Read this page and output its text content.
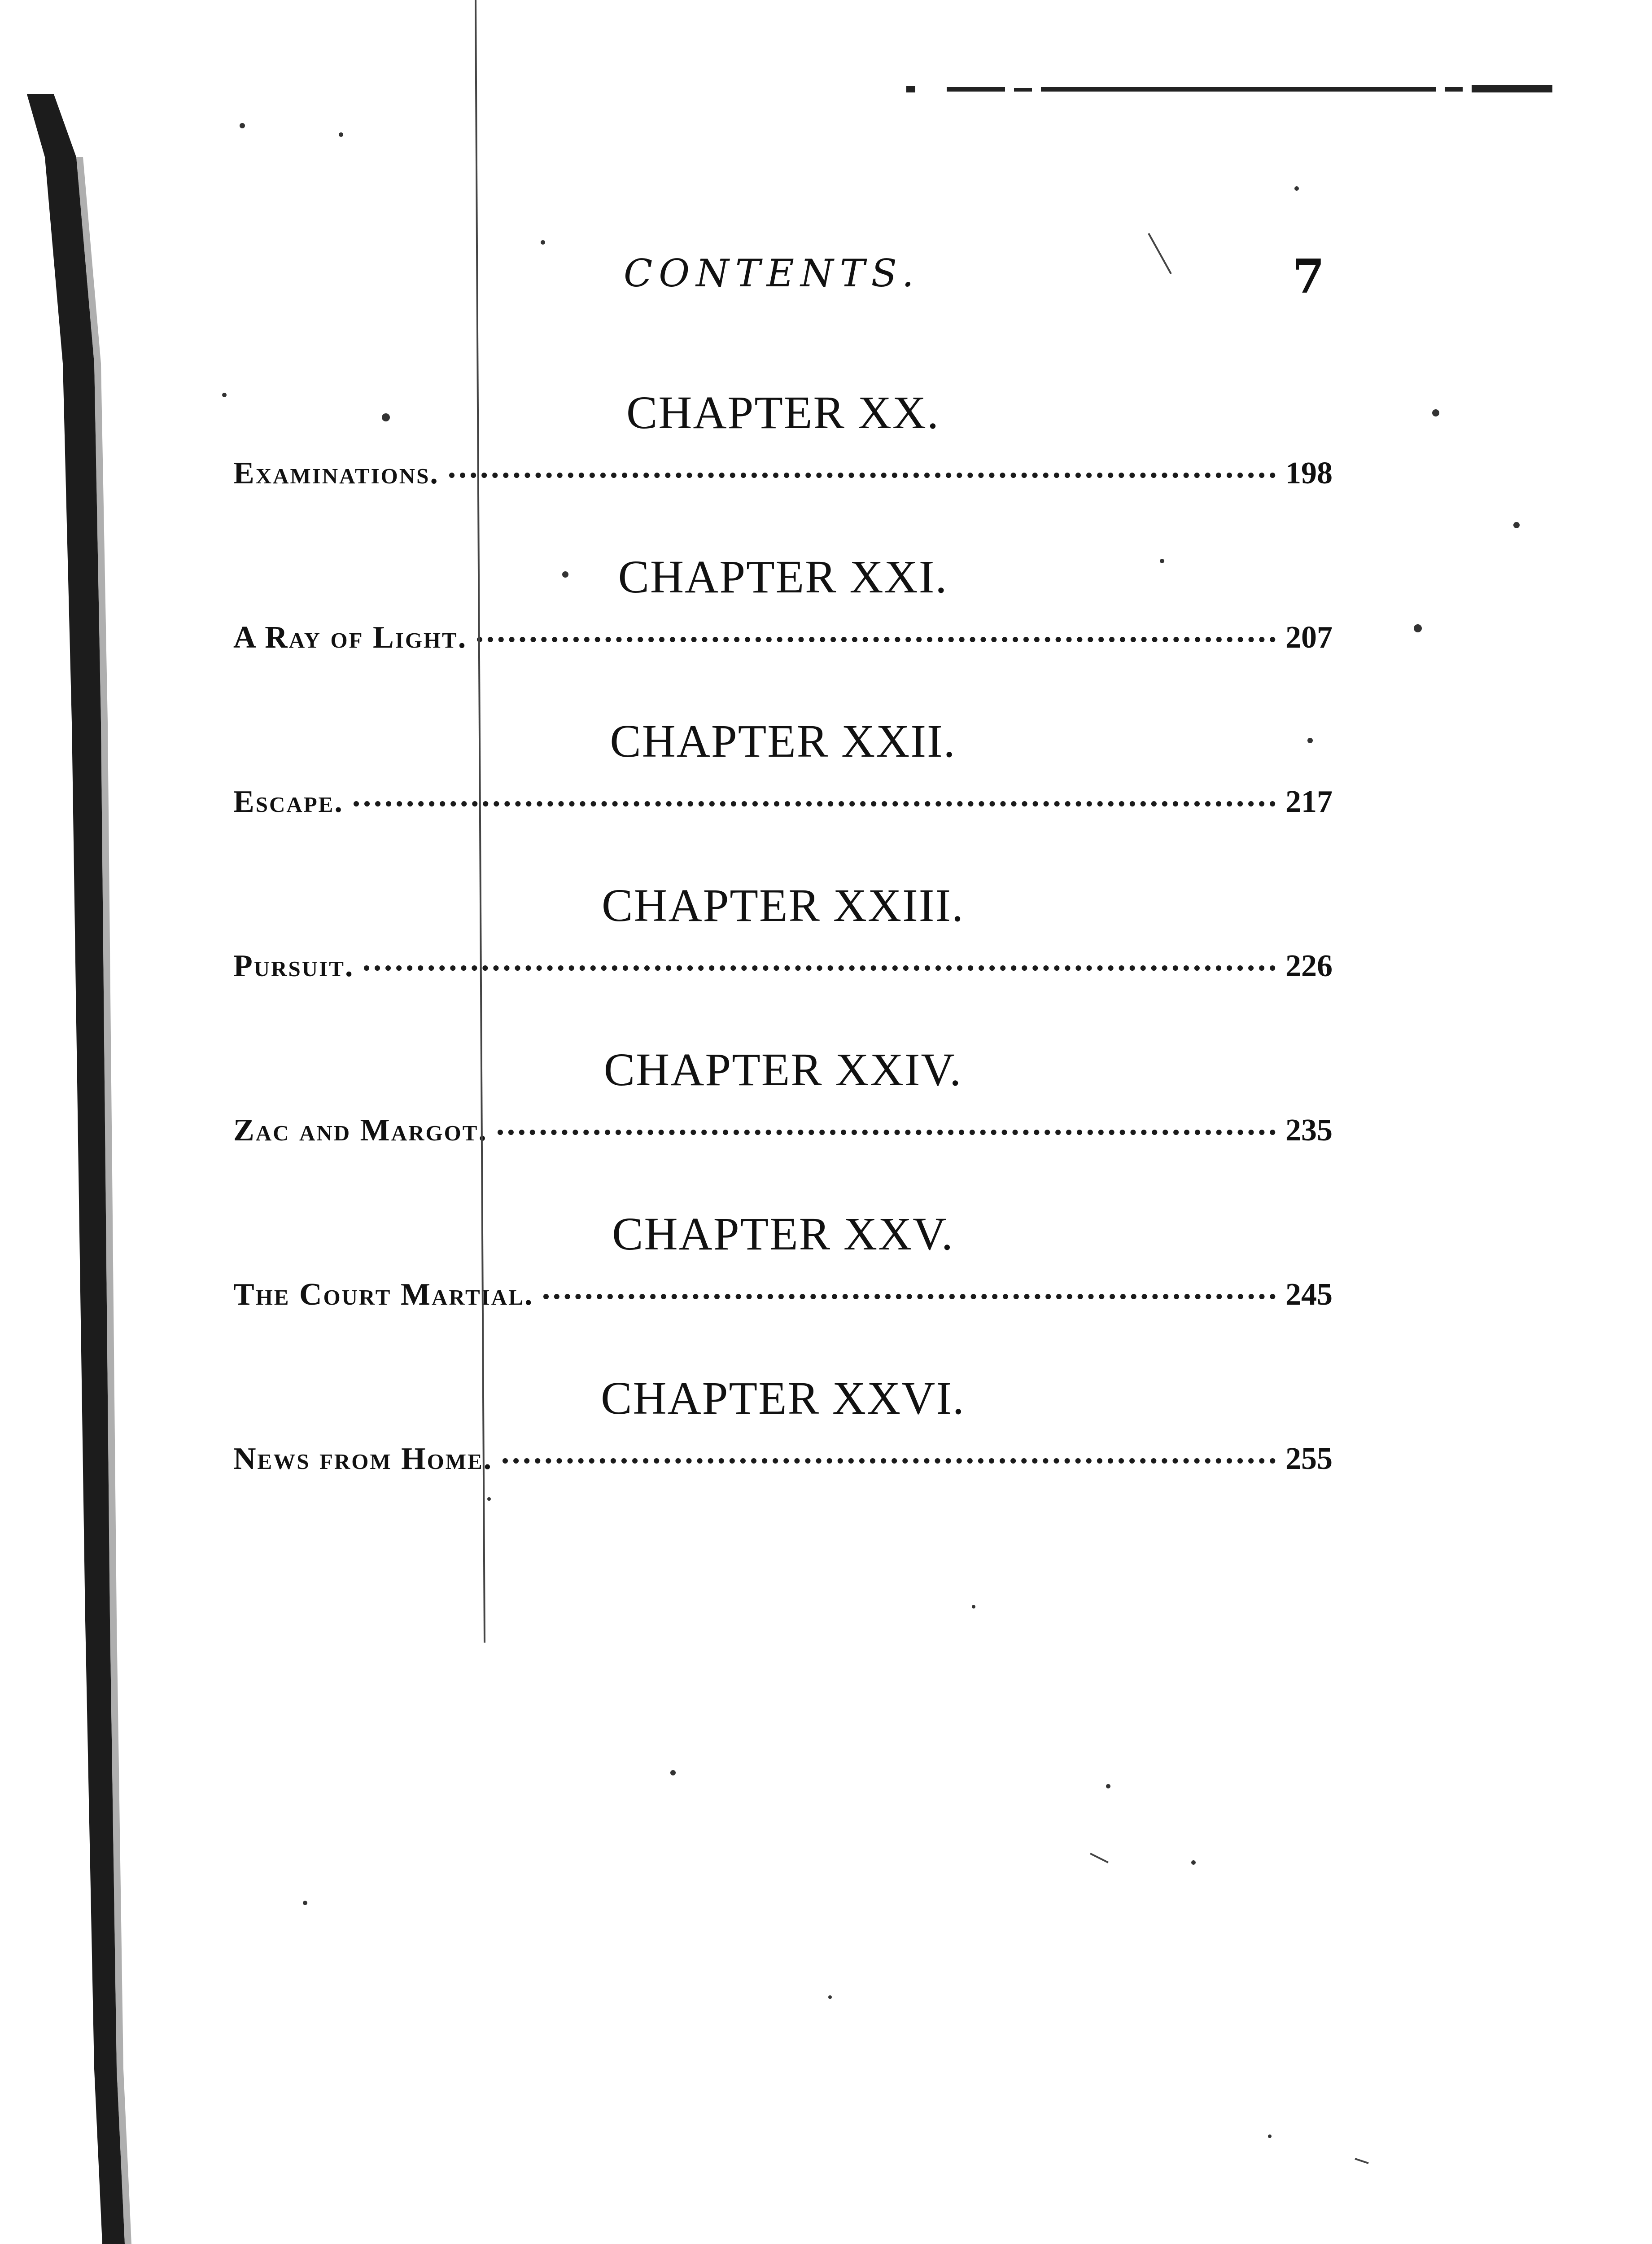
CONTENTS.	7
CHAPTER XX.
Examinations.	198
CHAPTER XXI.
A Ray of Light.	207
CHAPTER XXII.
Escape.	217
CHAPTER XXIII.
Pursuit.	226
CHAPTER XXIV.
Zac and Margot.	235
CHAPTER XXV.
The Court Martial.	245
CHAPTER XXVI.
News from Home.	255
